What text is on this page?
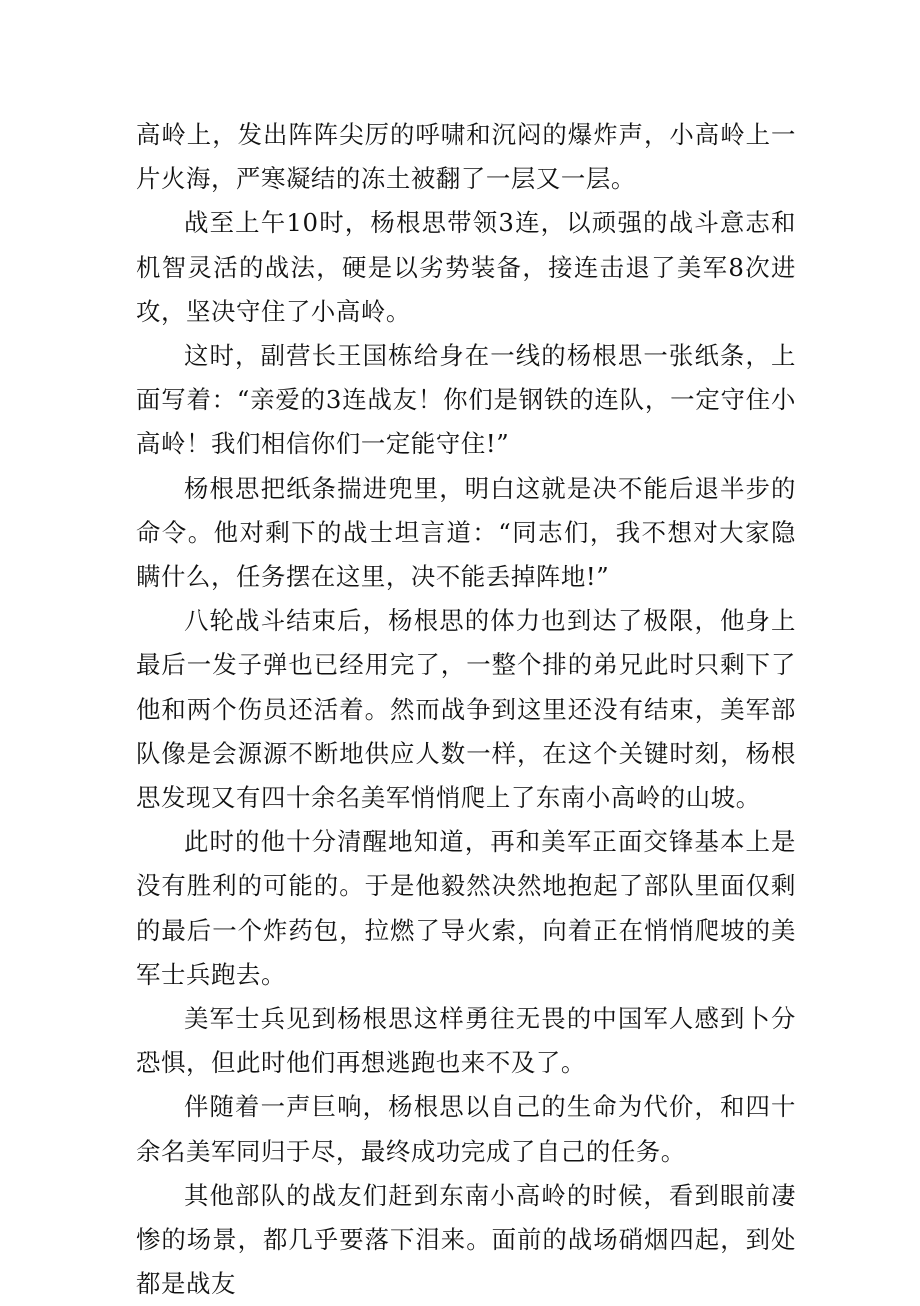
高岭上，发出阵阵尖厉的呼啸和沉闷的爆炸声，小高岭上一片火海，严寒凝结的冻土被翻了一层又一层。

战至上午10时，杨根思带领3连，以顽强的战斗意志和机智灵活的战法，硬是以劣势装备，接连击退了美军8次进攻，坚决守住了小高岭。

这时，副营长王国栋给身在一线的杨根思一张纸条，上面写着：“亲爱的3连战友！你们是钢铁的连队，一定守住小高岭！我们相信你们一定能守住!”

杨根思把纸条揣进兜里，明白这就是决不能后退半步的命令。他对剩下的战士坦言道：“同志们，我不想对大家隐瞒什么，任务摆在这里，决不能丢掉阵地!”

八轮战斗结束后，杨根思的体力也到达了极限，他身上最后一发子弹也已经用完了，一整个排的弟兄此时只剩下了他和两个伤员还活着。然而战争到这里还没有结束，美军部队像是会源源不断地供应人数一样，在这个关键时刻，杨根思发现又有四十余名美军悄悄爬上了东南小高岭的山坡。

此时的他十分清醒地知道，再和美军正面交锋基本上是没有胜利的可能的。于是他毅然决然地抱起了部队里面仅剩的最后一个炸药包，拉燃了导火索，向着正在悄悄爬坡的美军士兵跑去。

美军士兵见到杨根思这样勇往无畏的中国军人感到卜分恐惧，但此时他们再想逃跑也来不及了。

伴随着一声巨响，杨根思以自己的生命为代价，和四十余名美军同归于尽，最终成功完成了自己的任务。

其他部队的战友们赶到东南小高岭的时候，看到眼前凄惨的场景，都几乎要落下泪来。面前的战场硝烟四起，到处都是战友
